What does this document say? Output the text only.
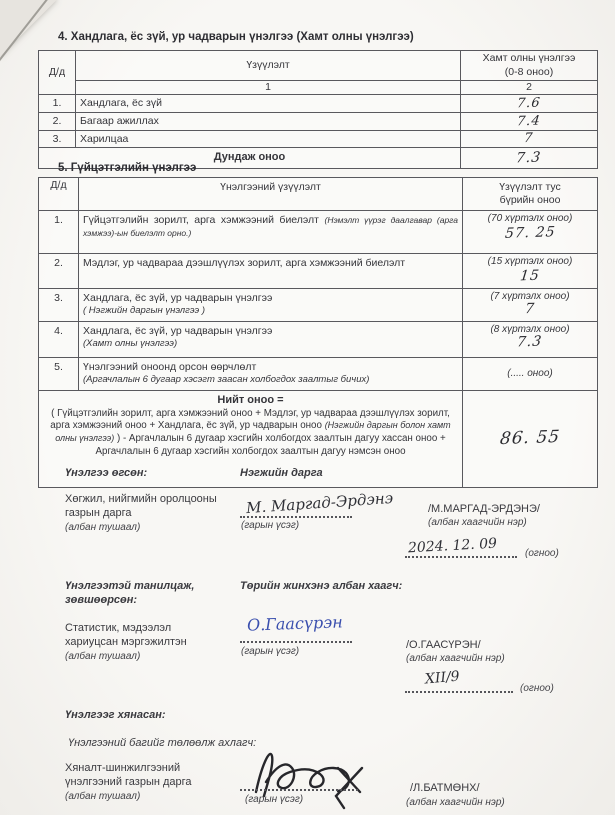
4. Хандлага, ёс зүй, ур чадварын үнэлгээ (Хамт олны үнэлгээ)
Д/д	Үзүүлэлт	Хамт олны үнэлгээ
(0-8 оноо)

	1	2
1.	Хандлага, ёс зүй	7.6
2.	Багаар ажиллах	7.4
3.	Харилцаа	7
Дундаж оноо		7.3
5. Гүйцэтгэлийн үнэлгээ
Д/д	Үнэлгээний үзүүлэлт	Үзүүлэлт тус
бүрийн оноо

1.	Гүйцэтгэлийн зорилт, арга хэмжээний биелэлт (Нэмэлт үүрэг даалгавар (арга хэмжээ)-ын биелэлт орно.)	(70 хүртэлх оноо)
57. 25
2.	Мэдлэг, ур чадвараа дээшлүүлэх зорилт, арга хэмжээний биелэлт	(15 хүртэлх оноо)
15
3.	Хандлага, ёс зүй, ур чадварын үнэлгээ
( Нэгжийн даргын үнэлгээ )

(7 хүртэлх оноо)
7
4.	Хандлага, ёс зүй, ур чадварын үнэлгээ
(Хамт олны үнэлгээ)

(8 хүртэлх оноо)
7.3
5.	Үнэлгээний оноонд орсон өөрчлөлт
(Аргачлалын 6 дугаар хэсэгт заасан холбогдох заалтыг бичих)	(..... оноо)

Нийт оноо =
( Гүйцэтгэлийн зорилт, арга хэмжээний оноо + Мэдлэг, ур чадвараа дээшлүүлэх зорилт, арга хэмжээний оноо + Хандлага, ёс зүй, ур чадварын оноо (Нэгжийн даргын болон хамт олны үнэлгээ) ) - Аргачлалын 6 дугаар хэсгийн холбогдох заалтын дагуу хассан оноо + Аргачлалын 6 дугаар хэсгийн холбогдох заалтын дагуу нэмсэн оноо		86. 55
Үнэлгээ өгсөн:	Нэгжийн дарга
Хөгжил, нийгмийн оролцооны
газрын дарга
(албан тушаал)
М. Маргад-Эрдэнэ
(гарын үсэг)
/М.МАРГАД-ЭРДЭНЭ/
(албан хаагчийн нэр)
2024. 12. 09	(огноо)
Үнэлгээтэй танилцаж,
зөвшөөрсөн:
Төрийн жинхэнэ албан хаагч:
Статистик, мэдээлэл
хариуцсан мэргэжилтэн
(албан тушаал)
О.Гаасүрэн
(гарын үсэг)
/О.ГААСҮРЭН/
(албан хаагчийн нэр)
XII/9
(огноо)
Үнэлгээг хянасан:
Үнэлгээний багийг төлөөлж ахлагч:
Хяналт-шинжилгээний
үнэлгээний газрын дарга
(албан тушаал)	(гарын үсэг)
/Л.БАТМӨНХ/
(албан хаагчийн нэр)
